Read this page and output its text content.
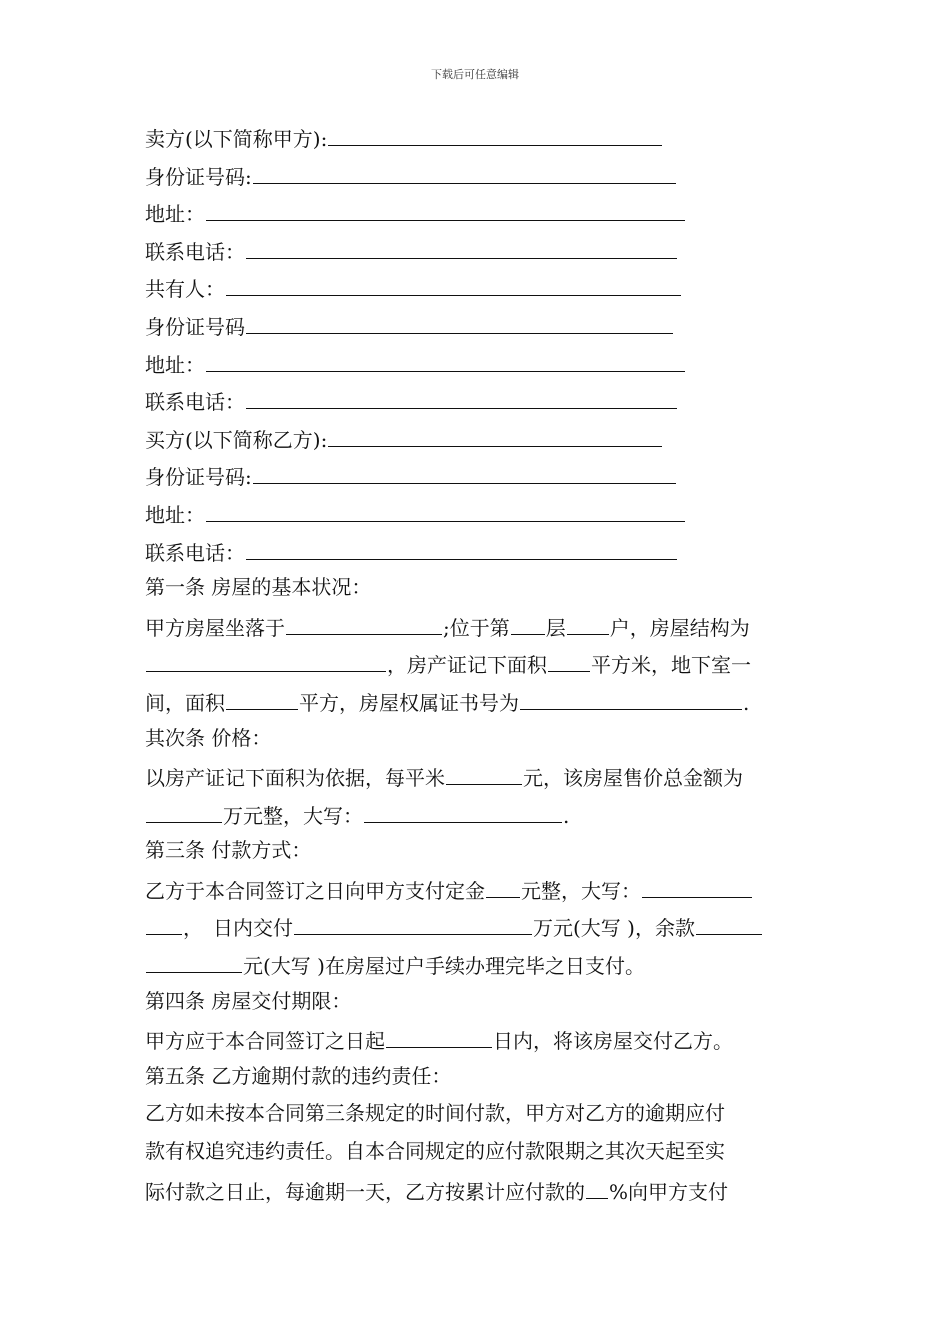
下载后可任意编辑
卖方(以下简称甲方):
身份证号码:
地址：
联系电话：
共有人：
身份证号码
地址：
联系电话：
买方(以下简称乙方):
身份证号码:
地址：
联系电话：
第一条 房屋的基本状况：
甲方房屋坐落于	;位于第 层 户，房屋结构为
，房产证记下面积 平方米，地下室一
间，面积	平方，房屋权属证书号为	.
其次条 价格：
以房产证记下面积为依据，每平米	元，该房屋售价总金额为
万元整，大写：	.
第三条 付款方式：
乙方于本合同签订之日向甲方支付定金 元整，大写：
， 日内交付	万元(大写 )，余款
元(大写 )在房屋过户手续办理完毕之日支付。
第四条 房屋交付期限：
甲方应于本合同签订之日起	日内，将该房屋交付乙方。
第五条 乙方逾期付款的违约责任：
乙方如未按本合同第三条规定的时间付款，甲方对乙方的逾期应付
款有权追究违约责任。自本合同规定的应付款限期之其次天起至实
际付款之日止，每逾期一天，乙方按累计应付款的 %向甲方支付
